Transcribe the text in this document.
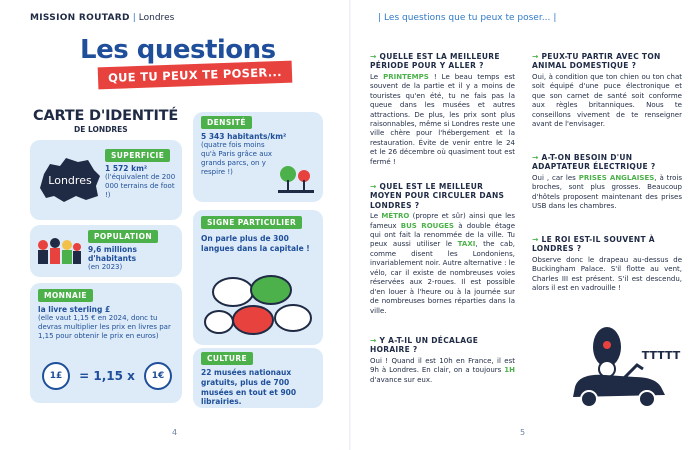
MISSION ROUTARD | Londres
Les questions
QUE TU PEUX TE POSER...
CARTE D'IDENTITÉ
DE LONDRES
Londres
SUPERFICIE
1 572 km²
(l'équivalent de 200 000 terrains de foot !)
POPULATION
9,6 millions d'habitants
(en 2023)
MONNAIE
la livre sterling £
(elle vaut 1,15 € en 2024, donc tu devras multiplier les prix en livres par 1,15 pour obtenir le prix en euros)
1£	= 1,15 x	1€
DENSITÉ
5 343 habitants/km²
(quatre fois moins qu'à Paris grâce aux grands parcs, on y respire !)
SIGNE PARTICULIER
On parle plus de 300 langues dans la capitale !
CULTURE
22 musées nationaux gratuits, plus de 700 musées en tout et 900 librairies.
4
| Les questions que tu peux te poser... |
→ QUELLE EST LA MEILLEURE PÉRIODE POUR Y ALLER ?
Le PRINTEMPS ! Le beau temps est souvent de la partie et il y a moins de touristes qu'en été, tu ne fais pas la queue dans les musées et autres attractions. De plus, les prix sont plus raisonnables, même si Londres reste une ville chère pour l'hébergement et la restauration. Évite de venir entre le 24 et le 26 décembre où quasiment tout est fermé !
→ QUEL EST LE MEILLEUR MOYEN POUR CIRCULER DANS LONDRES ?
Le MÉTRO (propre et sûr) ainsi que les fameux BUS ROUGES à double étage qui ont fait la renommée de la ville. Tu peux aussi utiliser le TAXI, the cab, comme disent les Londoniens, invariablement noir. Autre alternative : le vélo, car il existe de nombreuses voies réservées aux 2-roues. Il est possible d'en louer à l'heure ou à la journée sur de nombreuses bornes réparties dans la ville.
→ Y A-T-IL UN DÉCALAGE HORAIRE ?
Oui ! Quand il est 10h en France, il est 9h à Londres. En clair, on a toujours 1H d'avance sur eux.
→ PEUX-TU PARTIR AVEC TON ANIMAL DOMESTIQUE ?
Oui, à condition que ton chien ou ton chat soit équipé d'une puce électronique et que son carnet de santé soit conforme aux règles britanniques. Nous te conseillons vivement de te renseigner avant de l'envisager.
→ A-T-ON BESOIN D'UN ADAPTATEUR ÉLECTRIQUE ?
Oui , car les PRISES ANGLAISES, à trois broches, sont plus grosses. Beaucoup d'hôtels proposent maintenant des prises USB dans les chambres.
→ LE ROI EST-IL SOUVENT À LONDRES ?
Observe donc le drapeau au-dessus de Buckingham Palace. S'il flotte au vent, Charles III est présent. S'il est descendu, alors il est en vadrouille !
TTTTT
5
